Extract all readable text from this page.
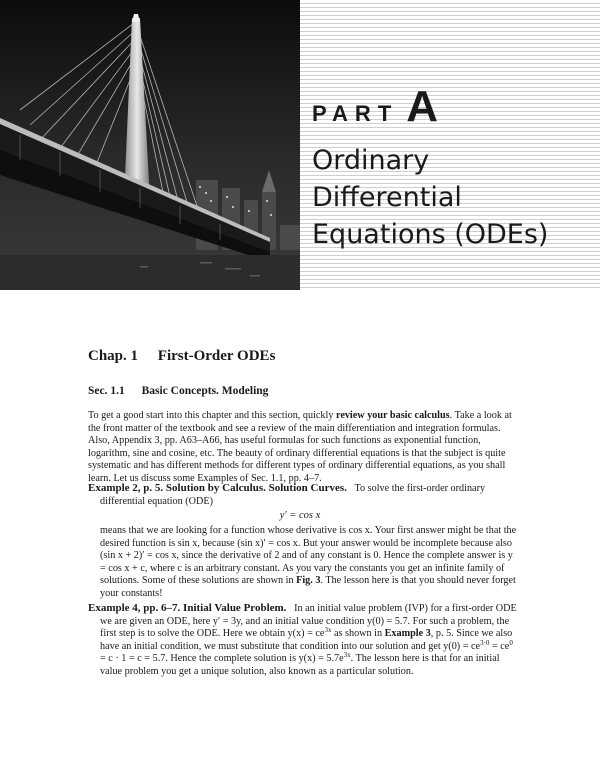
PART A
Ordinary
Differential
Equations (ODEs)
Chap. 1 First-Order ODEs
Sec. 1.1 Basic Concepts. Modeling
To get a good start into this chapter and this section, quickly review your basic calculus. Take a look at the front matter of the textbook and see a review of the main differentiation and integration formulas. Also, Appendix 3, pp. A63–A66, has useful formulas for such functions as exponential function, logarithm, sine and cosine, etc. The beauty of ordinary differential equations is that the subject is quite systematic and has different methods for different types of ordinary differential equations, as you shall learn. Let us discuss some Examples of Sec. 1.1, pp. 4–7.
Example 2, p. 5. Solution by Calculus. Solution Curves. To solve the first-order ordinary differential equation (ODE)
y′ = cos x
means that we are looking for a function whose derivative is cos x. Your first answer might be that the desired function is sin x, because (sin x)′ = cos x. But your answer would be incomplete because also (sin x + 2)′ = cos x, since the derivative of 2 and of any constant is 0. Hence the complete answer is y = cos x + c, where c is an arbitrary constant. As you vary the constants you get an infinite family of solutions. Some of these solutions are shown in Fig. 3. The lesson here is that you should never forget your constants!
Example 4, pp. 6–7. Initial Value Problem. In an initial value problem (IVP) for a first-order ODE we are given an ODE, here y′ = 3y, and an initial value condition y(0) = 5.7. For such a problem, the first step is to solve the ODE. Here we obtain $y(x) = ce^{3x}$ as shown in Example 3, p. 5. Since we also have an initial condition, we must substitute that condition into our solution and get $y(0) = ce^{3\cdot 0} = ce^0 = c \cdot 1 = c = 5.7$. Hence the complete solution is $y(x) = 5.7e^{3x}$. The lesson here is that for an initial value problem you get a unique solution, also known as a particular solution.
